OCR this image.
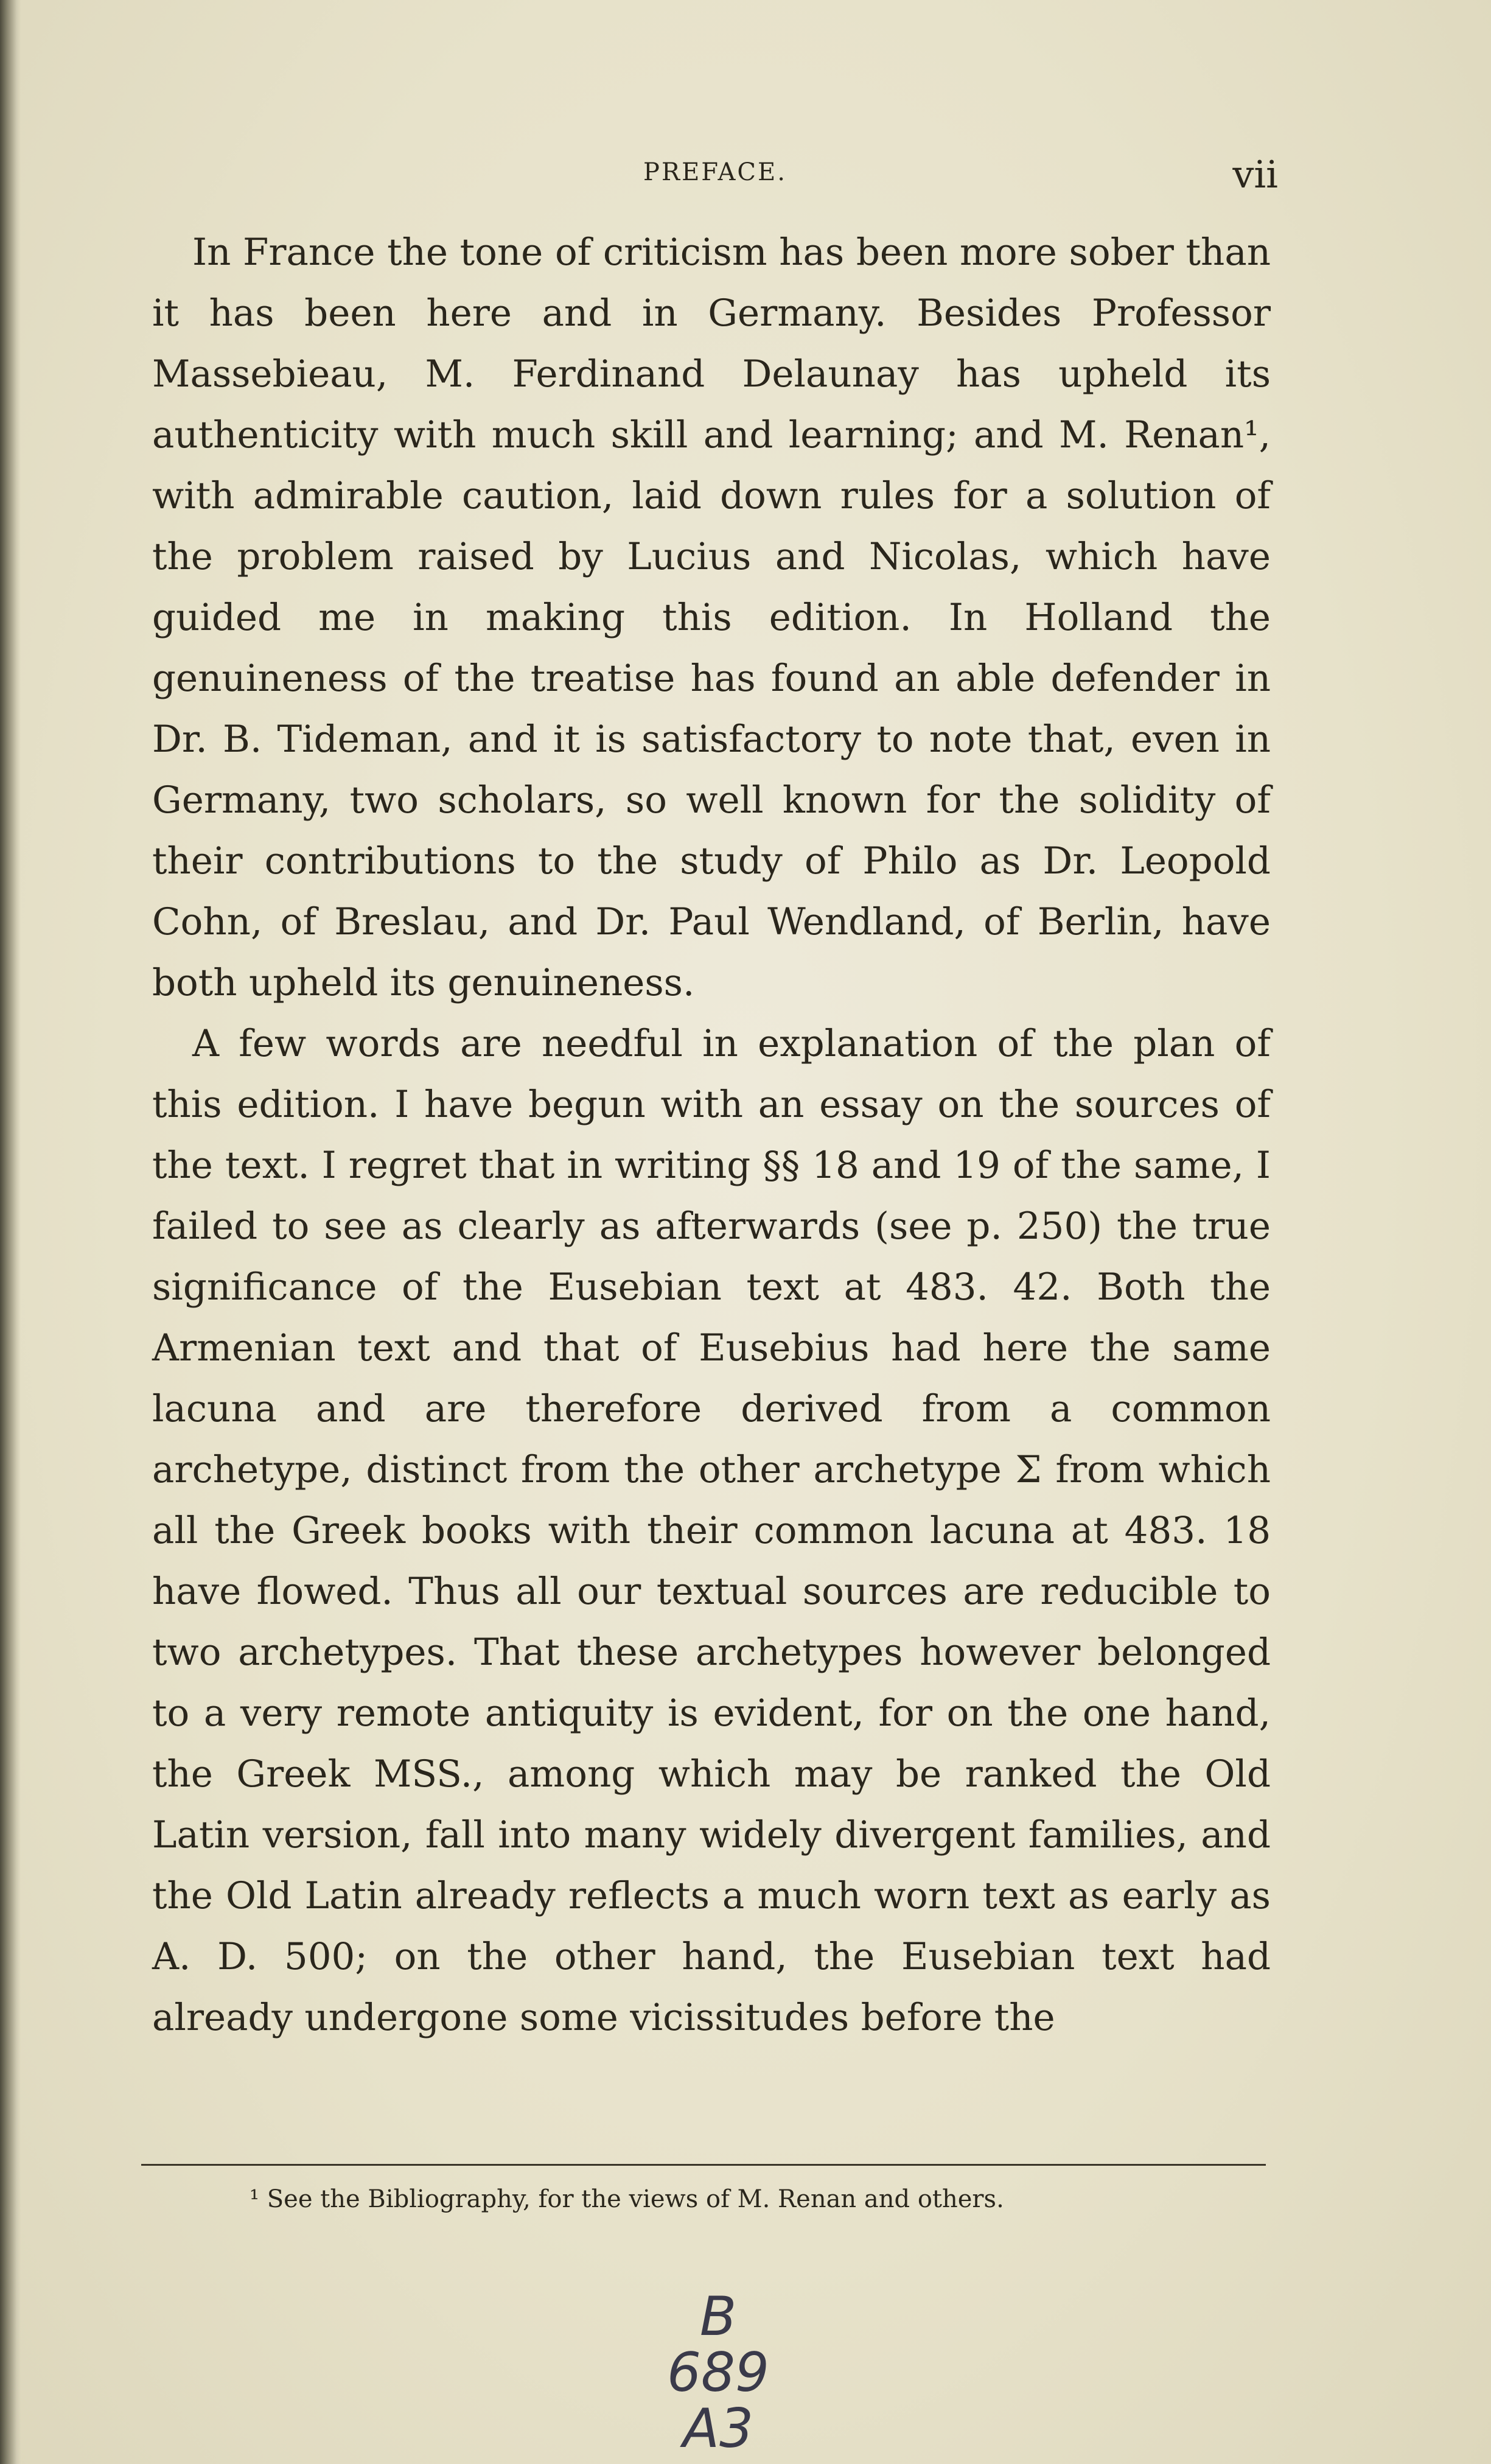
PREFACE.	vii

In France the tone of criticism has been more sober than it has been here and in Germany. Besides Professor Massebieau, M. Ferdinand Delaunay has upheld its authenticity with much skill and learning; and M. Renan¹, with admirable caution, laid down rules for a solution of the problem raised by Lucius and Nicolas, which have guided me in making this edition. In Holland the genuineness of the treatise has found an able defender in Dr. B. Tideman, and it is satisfactory to note that, even in Germany, two scholars, so well known for the solidity of their contributions to the study of Philo as Dr. Leopold Cohn, of Breslau, and Dr. Paul Wendland, of Berlin, have both upheld its genuineness.

A few words are needful in explanation of the plan of this edition. I have begun with an essay on the sources of the text. I regret that in writing §§ 18 and 19 of the same, I failed to see as clearly as afterwards (see p. 250) the true significance of the Eusebian text at 483. 42. Both the Armenian text and that of Eusebius had here the same lacuna and are therefore derived from a common archetype, distinct from the other archetype Σ from which all the Greek books with their common lacuna at 483. 18 have flowed. Thus all our textual sources are reducible to two archetypes. That these archetypes however belonged to a very remote antiquity is evident, for on the one hand, the Greek MSS., among which may be ranked the Old Latin version, fall into many widely divergent families, and the Old Latin already reflects a much worn text as early as A. D. 500; on the other hand, the Eusebian text had already undergone some vicissitudes before the

¹ See the Bibliography, for the views of M. Renan and others.
B
689
A3
